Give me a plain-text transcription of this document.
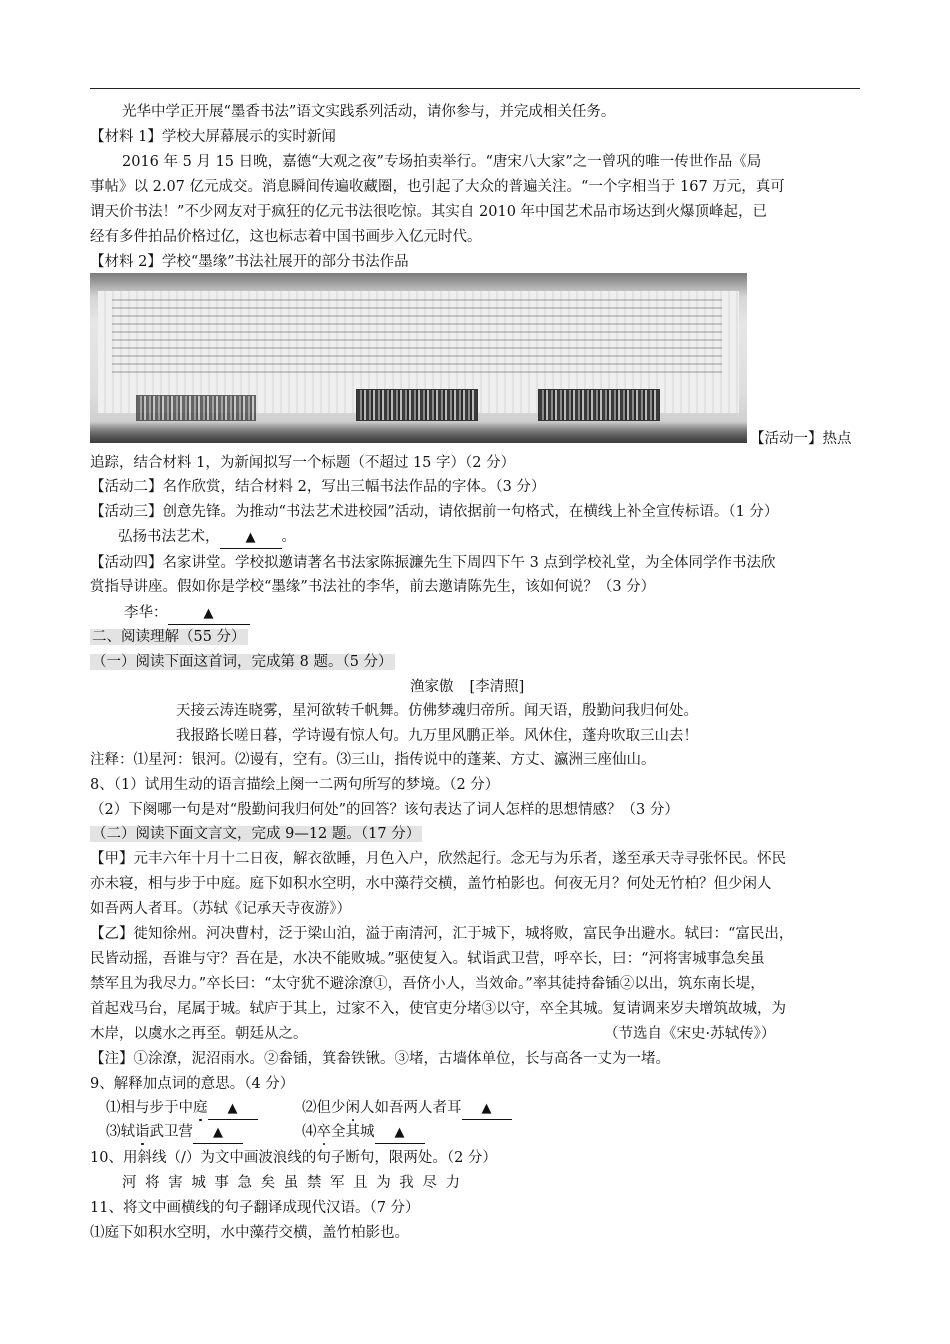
光华中学正开展“墨香书法”语文实践系列活动，请你参与，并完成相关任务。
【材料 1】学校大屏幕展示的实时新闻
2016 年 5 月 15 日晚，嘉德“大观之夜”专场拍卖举行。“唐宋八大家”之一曾巩的唯一传世作品《局
事帖》以 2.07 亿元成交。消息瞬间传遍收藏圈，也引起了大众的普遍关注。“一个字相当于 167 万元，真可
谓天价书法！”不少网友对于疯狂的亿元书法很吃惊。其实自 2010 年中国艺术品市场达到火爆顶峰起，已
经有多件拍品价格过亿，这也标志着中国书画步入亿元时代。
【材料 2】学校“墨缘”书法社展开的部分书法作品
【活动一】热点
追踪，结合材料 1，为新闻拟写一个标题（不超过 15 字）（2 分）
【活动二】名作欣赏，结合材料 2，写出三幅书法作品的字体。（3 分）
【活动三】创意先锋。为推动“书法艺术进校园”活动，请依据前一句格式，在横线上补全宣传标语。（1 分）
弘扬书法艺术， ▲ 。
【活动四】名家讲堂。学校拟邀请著名书法家陈振濂先生下周四下午 3 点到学校礼堂，为全体同学作书法欣
赏指导讲座。假如你是学校“墨缘”书法社的李华，前去邀请陈先生，该如何说？（3 分）
李华：	▲
二、阅读理解（55 分）
（一）阅读下面这首词，完成第 8 题。（5 分）
渔家傲 [李清照]
天接云涛连晓雾，星河欲转千帆舞。仿佛梦魂归帝所。闻天语，殷勤问我归何处。
我报路长嗟日暮，学诗谩有惊人句。九万里风鹏正举。风休住，蓬舟吹取三山去！
注释：⑴星河：银河。⑵谩有，空有。⑶三山，指传说中的蓬莱、方丈、瀛洲三座仙山。
8、（1）试用生动的语言描绘上阕一二两句所写的梦境。（2 分）
（2）下阕哪一句是对“殷勤问我归何处”的回答？该句表达了词人怎样的思想情感？（3 分）
（二）阅读下面文言文，完成 9—12 题。（17 分）
【甲】元丰六年十月十二日夜，解衣欲睡，月色入户，欣然起行。念无与为乐者，遂至承天寺寻张怀民。怀民
亦未寝，相与步于中庭。庭下如积水空明，水中藻荇交横，盖竹柏影也。何夜无月？何处无竹柏？但少闲人
如吾两人者耳。（苏轼《记承天寺夜游》）
【乙】徙知徐州。河决曹村，泛于梁山泊，溢于南清河，汇于城下，城将败，富民争出避水。轼曰：“富民出，
民皆动摇，吾谁与守？吾在是，水决不能败城。”驱使复入。轼诣武卫营，呼卒长，曰：“河将害城事急矣虽
禁军且为我尽力。”卒长曰：“太守犹不避涂潦①，吾侪小人，当效命。”率其徒持畚锸②以出，筑东南长堤，
首起戏马台，尾属于城。轼庐于其上，过家不入，使官吏分堵③以守，卒全其城。复请调来岁夫增筑故城，为
木岸，以虞水之再至。朝廷从之。	（节选自《宋史·苏轼传》）
【注】①涂潦，泥沼雨水。②畚锸，箕畚铁锹。③堵，古墙体单位，长与高各一丈为一堵。
9、解释加点词的意思。（4 分）
⑴相与步于中庭 ▲	⑵但少闲人如吾两人者耳 ▲
⑶轼诣武卫营 ▲	⑷卒全其城 ▲
10、用斜线（/）为文中画波浪线的句子断句，限两处。（2 分）
河 将 害 城 事 急 矣 虽 禁 军 且 为 我 尽 力
11、将文中画横线的句子翻译成现代汉语。（7 分）
⑴庭下如积水空明，水中藻荇交横，盖竹柏影也。
